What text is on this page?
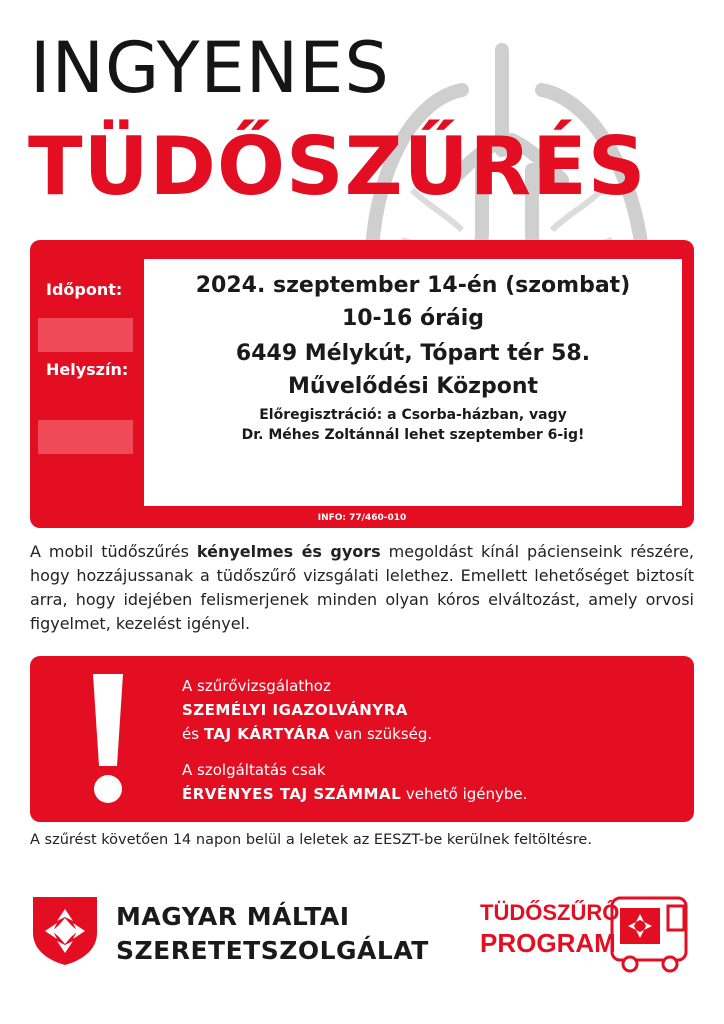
INGYENES
TÜDŐSZŰRÉS
Időpont:
Helyszín:
2024. szeptember 14-én (szombat)
10-16 óráig
6449 Mélykút, Tópart tér 58.
Művelődési Központ
Előregisztráció: a Csorba-házban, vagy
Dr. Méhes Zoltánnál lehet szeptember 6-ig!
INFO: 77/460-010
A mobil tüdőszűrés kényelmes és gyors megoldást kínál pácienseink részére, hogy hozzájussanak a tüdőszűrő vizsgálati lelethez. Emellett lehetőséget biztosít arra, hogy idejében felismerjenek minden olyan kóros elváltozást, amely orvosi figyelmet, kezelést igényel.
A szűrővizsgálathoz
SZEMÉLYI IGAZOLVÁNYRA
és TAJ KÁRTYÁRA van szükség.
A szolgáltatás csak
ÉRVÉNYES TAJ SZÁMMAL vehető igénybe.
A szűrést követően 14 napon belül a leletek az EESZT-be kerülnek feltöltésre.
MAGYAR MÁLTAI
SZERETETSZOLGÁLAT
TÜDŐSZŰRŐ
PROGRAM
